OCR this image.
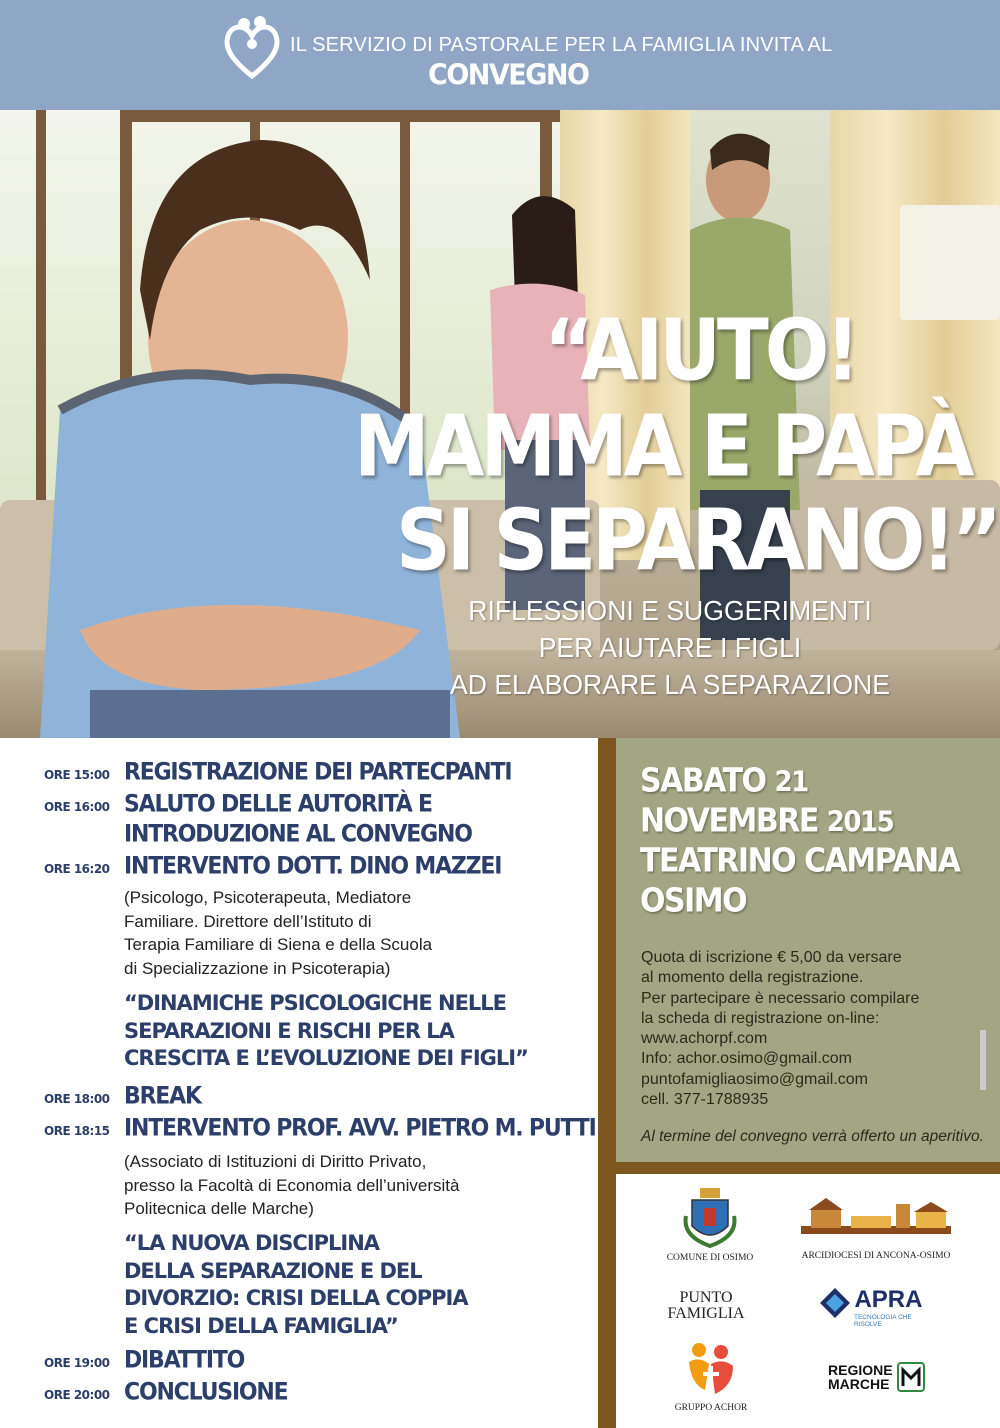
IL SERVIZIO DI PASTORALE PER LA FAMIGLIA INVITA AL
CONVEGNO
“AIUTO!
MAMMA E PAPÀ
SI SEPARANO!”
RIFLESSIONI E SUGGERIMENTI
PER AIUTARE I FIGLI
AD ELABORARE LA SEPARAZIONE
ORE 15:00 REGISTRAZIONE DEI PARTECPANTI
ORE 16:00 SALUTO DELLE AUTORITÀ E
INTRODUZIONE AL CONVEGNO
ORE 16:20 INTERVENTO DOTT. DINO MAZZEI
(Psicologo, Psicoterapeuta, Mediatore
Familiare. Direttore dell’Istituto di
Terapia Familiare di Siena e della Scuola
di Specializzazione in Psicoterapia)
“DINAMICHE PSICOLOGICHE NELLE
SEPARAZIONI E RISCHI PER LA
CRESCITA E L’EVOLUZIONE DEI FIGLI”
ORE 18:00 BREAK
ORE 18:15 INTERVENTO PROF. AVV. PIETRO M. PUTTI
(Associato di Istituzioni di Diritto Privato,
presso la Facoltà di Economia dell’università
Politecnica delle Marche)
“LA NUOVA DISCIPLINA
DELLA SEPARAZIONE E DEL
DIVORZIO: CRISI DELLA COPPIA
E CRISI DELLA FAMIGLIA”
ORE 19:00 DIBATTITO
ORE 20:00 CONCLUSIONE
SABATO 21
NOVEMBRE 2015
TEATRINO CAMPANA
OSIMO
Quota di iscrizione € 5,00 da versare
al momento della registrazione.
Per partecipare è necessario compilare
la scheda di registrazione on-line:
www.achorpf.com
Info: achor.osimo@gmail.com
puntofamigliaosimo@gmail.com
cell. 377-1788935
Al termine del convegno verrà offerto un aperitivo.
COMUNE DI OSIMO	ARCIDIOCESI DI ANCONA-OSIMO
PUNTO
FAMIGLIA
APRA
TECNOLOGIA CHE RISOLVE
GRUPPO ACHOR
REGIONE
MARCHE
